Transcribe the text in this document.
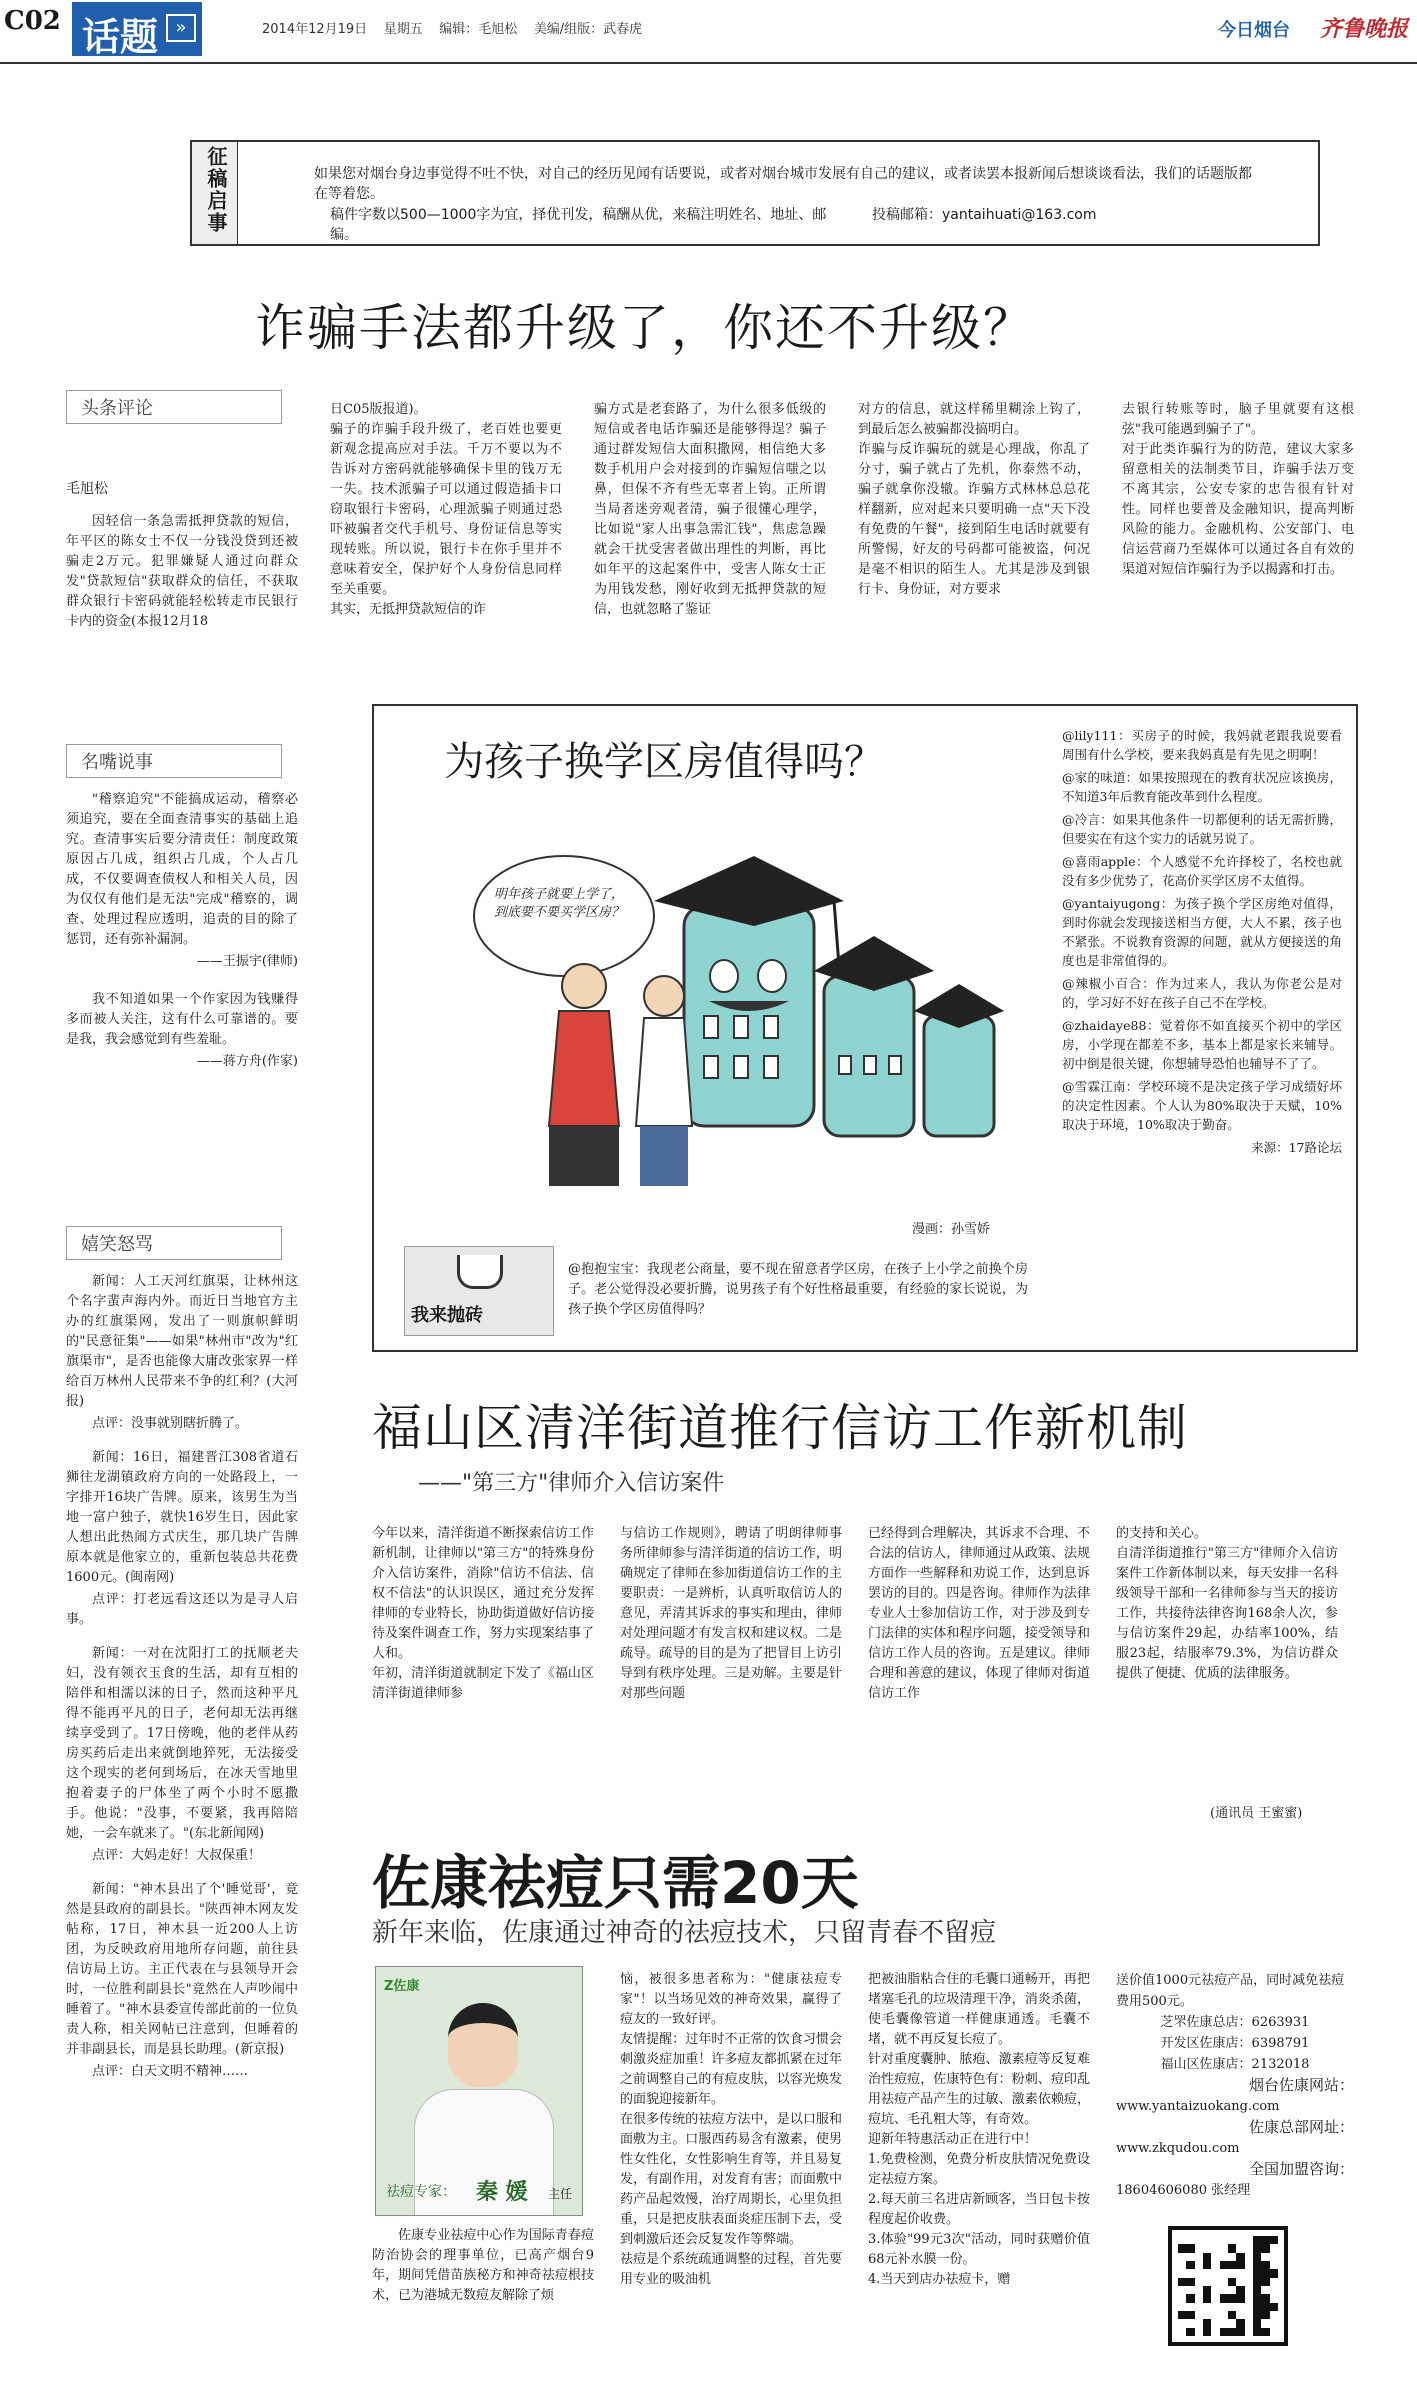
C02 话题 »	2014年12月19日    星期五    编辑：毛旭松    美编/组版：武春虎	今日烟台 齐鲁晚报
征稿启事	如果您对烟台身边事觉得不吐不快，对自己的经历见闻有话要说，或者对烟台城市发展有自己的建议，或者读罢本报新闻后想谈谈看法，我们的话题版都在等着您。
稿件字数以500—1000字为宜，择优刊发，稿酬从优，来稿注明姓名、地址、邮编。
投稿邮箱：yantaihuati@163.com
诈骗手法都升级了，你还不升级？
头条评论
毛旭松

因轻信一条急需抵押贷款的短信，年平区的陈女士不仅一分钱没贷到还被骗走2万元。犯罪嫌疑人通过向群众发"贷款短信"获取群众的信任，不获取群众银行卡密码就能轻松转走市民银行卡内的资金(本报12月18

日C05版报道)。
骗子的诈骗手段升级了，老百姓也要更新观念提高应对手法。千万不要以为不告诉对方密码就能够确保卡里的钱万无一失。技术派骗子可以通过假造插卡口窃取银行卡密码，心理派骗子则通过恐吓被骗者交代手机号、身份证信息等实现转账。所以说，银行卡在你手里并不意味着安全，保护好个人身份信息同样至关重要。
其实，无抵押贷款短信的诈

骗方式是老套路了，为什么很多低级的短信或者电话诈骗还是能够得逞？骗子通过群发短信大面积撒网，相信绝大多数手机用户会对接到的诈骗短信嗤之以鼻，但保不齐有些无辜者上钩。正所谓当局者迷旁观者清，骗子很懂心理学，比如说"家人出事急需汇钱"，焦虑急躁就会干扰受害者做出理性的判断，再比如年平的这起案件中，受害人陈女士正为用钱发愁，刚好收到无抵押贷款的短信，也就忽略了鉴证

对方的信息，就这样稀里糊涂上钩了，到最后怎么被骗都没搞明白。
诈骗与反诈骗玩的就是心理战，你乱了分寸，骗子就占了先机，你泰然不动，骗子就拿你没辙。诈骗方式林林总总花样翻新，应对起来只要明确一点"天下没有免费的午餐"，接到陌生电话时就要有所警惕，好友的号码都可能被盗，何况是毫不相识的陌生人。尤其是涉及到银行卡、身份证，对方要求

去银行转账等时，脑子里就要有这根弦"我可能遇到骗子了"。
对于此类诈骗行为的防范，建议大家多留意相关的法制类节目，诈骗手法万变不离其宗，公安专家的忠告很有针对性。同样也要普及金融知识，提高判断风险的能力。金融机构、公安部门、电信运营商乃至媒体可以通过各自有效的渠道对短信诈骗行为予以揭露和打击。

名嘴说事

"稽察追究"不能搞成运动，稽察必须追究，要在全面查清事实的基础上追究。查清事实后要分清责任：制度政策原因占几成，组织占几成，个人占几成，不仅要调查债权人和相关人员，因为仅仅有他们是无法"完成"稽察的，调查、处理过程应透明，追责的目的除了惩罚，还有弥补漏洞。

——王振宇(律师)

我不知道如果一个作家因为钱赚得多而被人关注，这有什么可靠谱的。要是我，我会感觉到有些羞耻。

——蒋方舟(作家)
嬉笑怒骂

新闻：人工天河红旗渠，让林州这个名字蜚声海内外。而近日当地官方主办的红旗渠网，发出了一则旗帜鲜明的"民意征集"——如果"林州市"改为"红旗渠市"，是否也能像大庸改张家界一样给百万林州人民带来不争的红利？(大河报)

点评：没事就别瞎折腾了。

新闻：16日，福建晋江308省道石狮往龙湖镇政府方向的一处路段上，一字排开16块广告牌。原来，该男生为当地一富户独子，就快16岁生日，因此家人想出此热闹方式庆生，那几块广告牌原本就是他家立的，重新包装总共花费1600元。(闽南网)

点评：打老远看这还以为是寻人启事。

新闻：一对在沈阳打工的抚顺老夫妇，没有领衣玉食的生活，却有互相的陪伴和相濡以沫的日子，然而这种平凡得不能再平凡的日子，老何却无法再继续享受到了。17日傍晚，他的老伴从药房买药后走出来就倒地猝死，无法接受这个现实的老何到场后，在冰天雪地里抱着妻子的尸体坐了两个小时不愿撒手。他说："没事，不要紧，我再陪陪她，一会车就来了。"(东北新闻网)

点评：大妈走好！大叔保重！

新闻："神木县出了个'睡觉哥'，竟然是县政府的副县长。"陕西神木网友发帖称，17日，神木县一近200人上访团，为反映政府用地所存问题，前往县信访局上访。主正代表在与县领导开会时，一位胜利副县长"竟然在人声吵闹中睡着了。"神木县委宣传部此前的一位负责人称，相关网帖已注意到，但睡着的并非副县长，而是县长助理。(新京报)

点评：白天文明不精神……

为孩子换学区房值得吗？
明年孩子就要上学了，到底要不要买学区房？
漫画：孙雪娇
我来抛砖

@抱抱宝宝：我现老公商量，要不现在留意者学区房，在孩子上小学之前换个房子。老公觉得没必要折腾，说男孩子有个好性格最重要，有经验的家长说说，为孩子换个学区房值得吗？

@lily111：买房子的时候，我妈就老跟我说要看周围有什么学校，要来我妈真是有先见之明啊！
@家的味道：如果按照现在的教育状况应该换房，不知道3年后教育能改革到什么程度。
@冷言：如果其他条件一切都便利的话无需折腾，但要实在有这个实力的话就另说了。
@喜雨apple：个人感觉不允许择校了，名校也就没有多少优势了，花高价买学区房不太值得。
@yantaiyugong：为孩子换个学区房绝对值得，到时你就会发现接送相当方便，大人不累，孩子也不紧张。不说教育资源的问题，就从方便接送的角度也是非常值得的。
@辣椒小百合：作为过来人，我认为你老公是对的，学习好不好在孩子自己不在学校。
@zhaidaye88：觉着你不如直接买个初中的学区房，小学现在都差不多，基本上都是家长来辅导。初中倒是很关键，你想辅导恐怕也辅导不了了。
@雪霖江南：学校环境不是决定孩子学习成绩好坏的决定性因素。个人认为80%取决于天赋，10%取决于环境，10%取决于勤奋。
来源：17路论坛
福山区清洋街道推行信访工作新机制
——"第三方"律师介入信访案件

今年以来，清洋街道不断探索信访工作新机制，让律师以"第三方"的特殊身份介入信访案件，消除"信访不信法、信权不信法"的认识误区，通过充分发挥律师的专业特长，协助街道做好信访接待及案件调查工作，努力实现案结事了人和。
年初，清洋街道就制定下发了《福山区清洋街道律师参

与信访工作规则》，聘请了明朗律师事务所律师参与清洋街道的信访工作，明确规定了律师在参加街道信访工作的主要职责：一是辨析，认真听取信访人的意见，弄清其诉求的事实和理由，律师对处理问题才有发言权和建议权。二是疏导。疏导的目的是为了把冒目上访引导到有秩序处理。三是劝解。主要是针对那些问题

已经得到合理解决，其诉求不合理、不合法的信访人，律师通过从政策、法规方面作一些解释和劝说工作，达到息诉罢访的目的。四是咨询。律师作为法律专业人士参加信访工作，对于涉及到专门法律的实体和程序问题，接受领导和信访工作人员的咨询。五是建议。律师合理和善意的建议，体现了律师对街道信访工作

的支持和关心。
自清洋街道推行"第三方"律师介入信访案件工作新体制以来，每天安排一名科级领导干部和一名律师参与当天的接访工作，共接待法律咨询168余人次，参与信访案件29起，办结率100%，结服23起，结服率79.3%，为信访群众提供了便捷、优质的法律服务。

(通讯员 王蜜蜜)
佐康祛痘只需20天
新年来临，佐康通过神奇的祛痘技术，只留青春不留痘
Z佐康
祛痘专家： 秦 媛 主任

佐康专业祛痘中心作为国际青春痘防治协会的理事单位，已高产烟台9年，期间凭借苗族秘方和神奇祛痘根技术，已为港城无数痘友解除了烦

恼，被很多患者称为："健康祛痘专家"！以当场见效的神奇效果，赢得了痘友的一致好评。
友情提醒：过年时不正常的饮食习惯会刺激炎症加重！许多痘友都抓紧在过年之前调整自己的有痘皮肤，以容光焕发的面貌迎接新年。
在很多传统的祛痘方法中，是以口服和面敷为主。口服西药易含有激素，使男性女性化，女性影响生育等，并且易复发，有副作用，对发育有害；而面敷中药产品起效慢，治疗周期长，心里负担重，只是把皮肤表面炎症压制下去，受到刺激后还会反复发作等弊端。
祛痘是个系统疏通调整的过程，首先要用专业的吸油机

把被油脂粘合住的毛囊口通畅开，再把堵塞毛孔的垃圾清理干净，消炎杀菌，使毛囊像管道一样健康通透。毛囊不堵，就不再反复长痘了。
针对重度囊肿、脓疱、激素痘等反复难治性痘痘，佐康特色有：粉刺、痘印乱用祛痘产品产生的过敏、激素依赖痘，痘坑、毛孔粗大等，有奇效。
迎新年特惠活动正在进行中！
1.免费检测，免费分析皮肤情况免费设定祛痘方案。
2.每天前三名进店新顾客，当日包卡按程度起价收费。
3.体验"99元3次"活动，同时获赠价值68元补水膜一份。
4.当天到店办祛痘卡，赠

送价值1000元祛痘产品，同时减免祛痘费用500元。
芝罘佐康总店：6263931
开发区佐康店：6398791
福山区佐康店：2132018
烟台佐康网站：
www.yantaizuokang.com
佐康总部网址：
www.zkqudou.com
全国加盟咨询：
18604606080 张经理
